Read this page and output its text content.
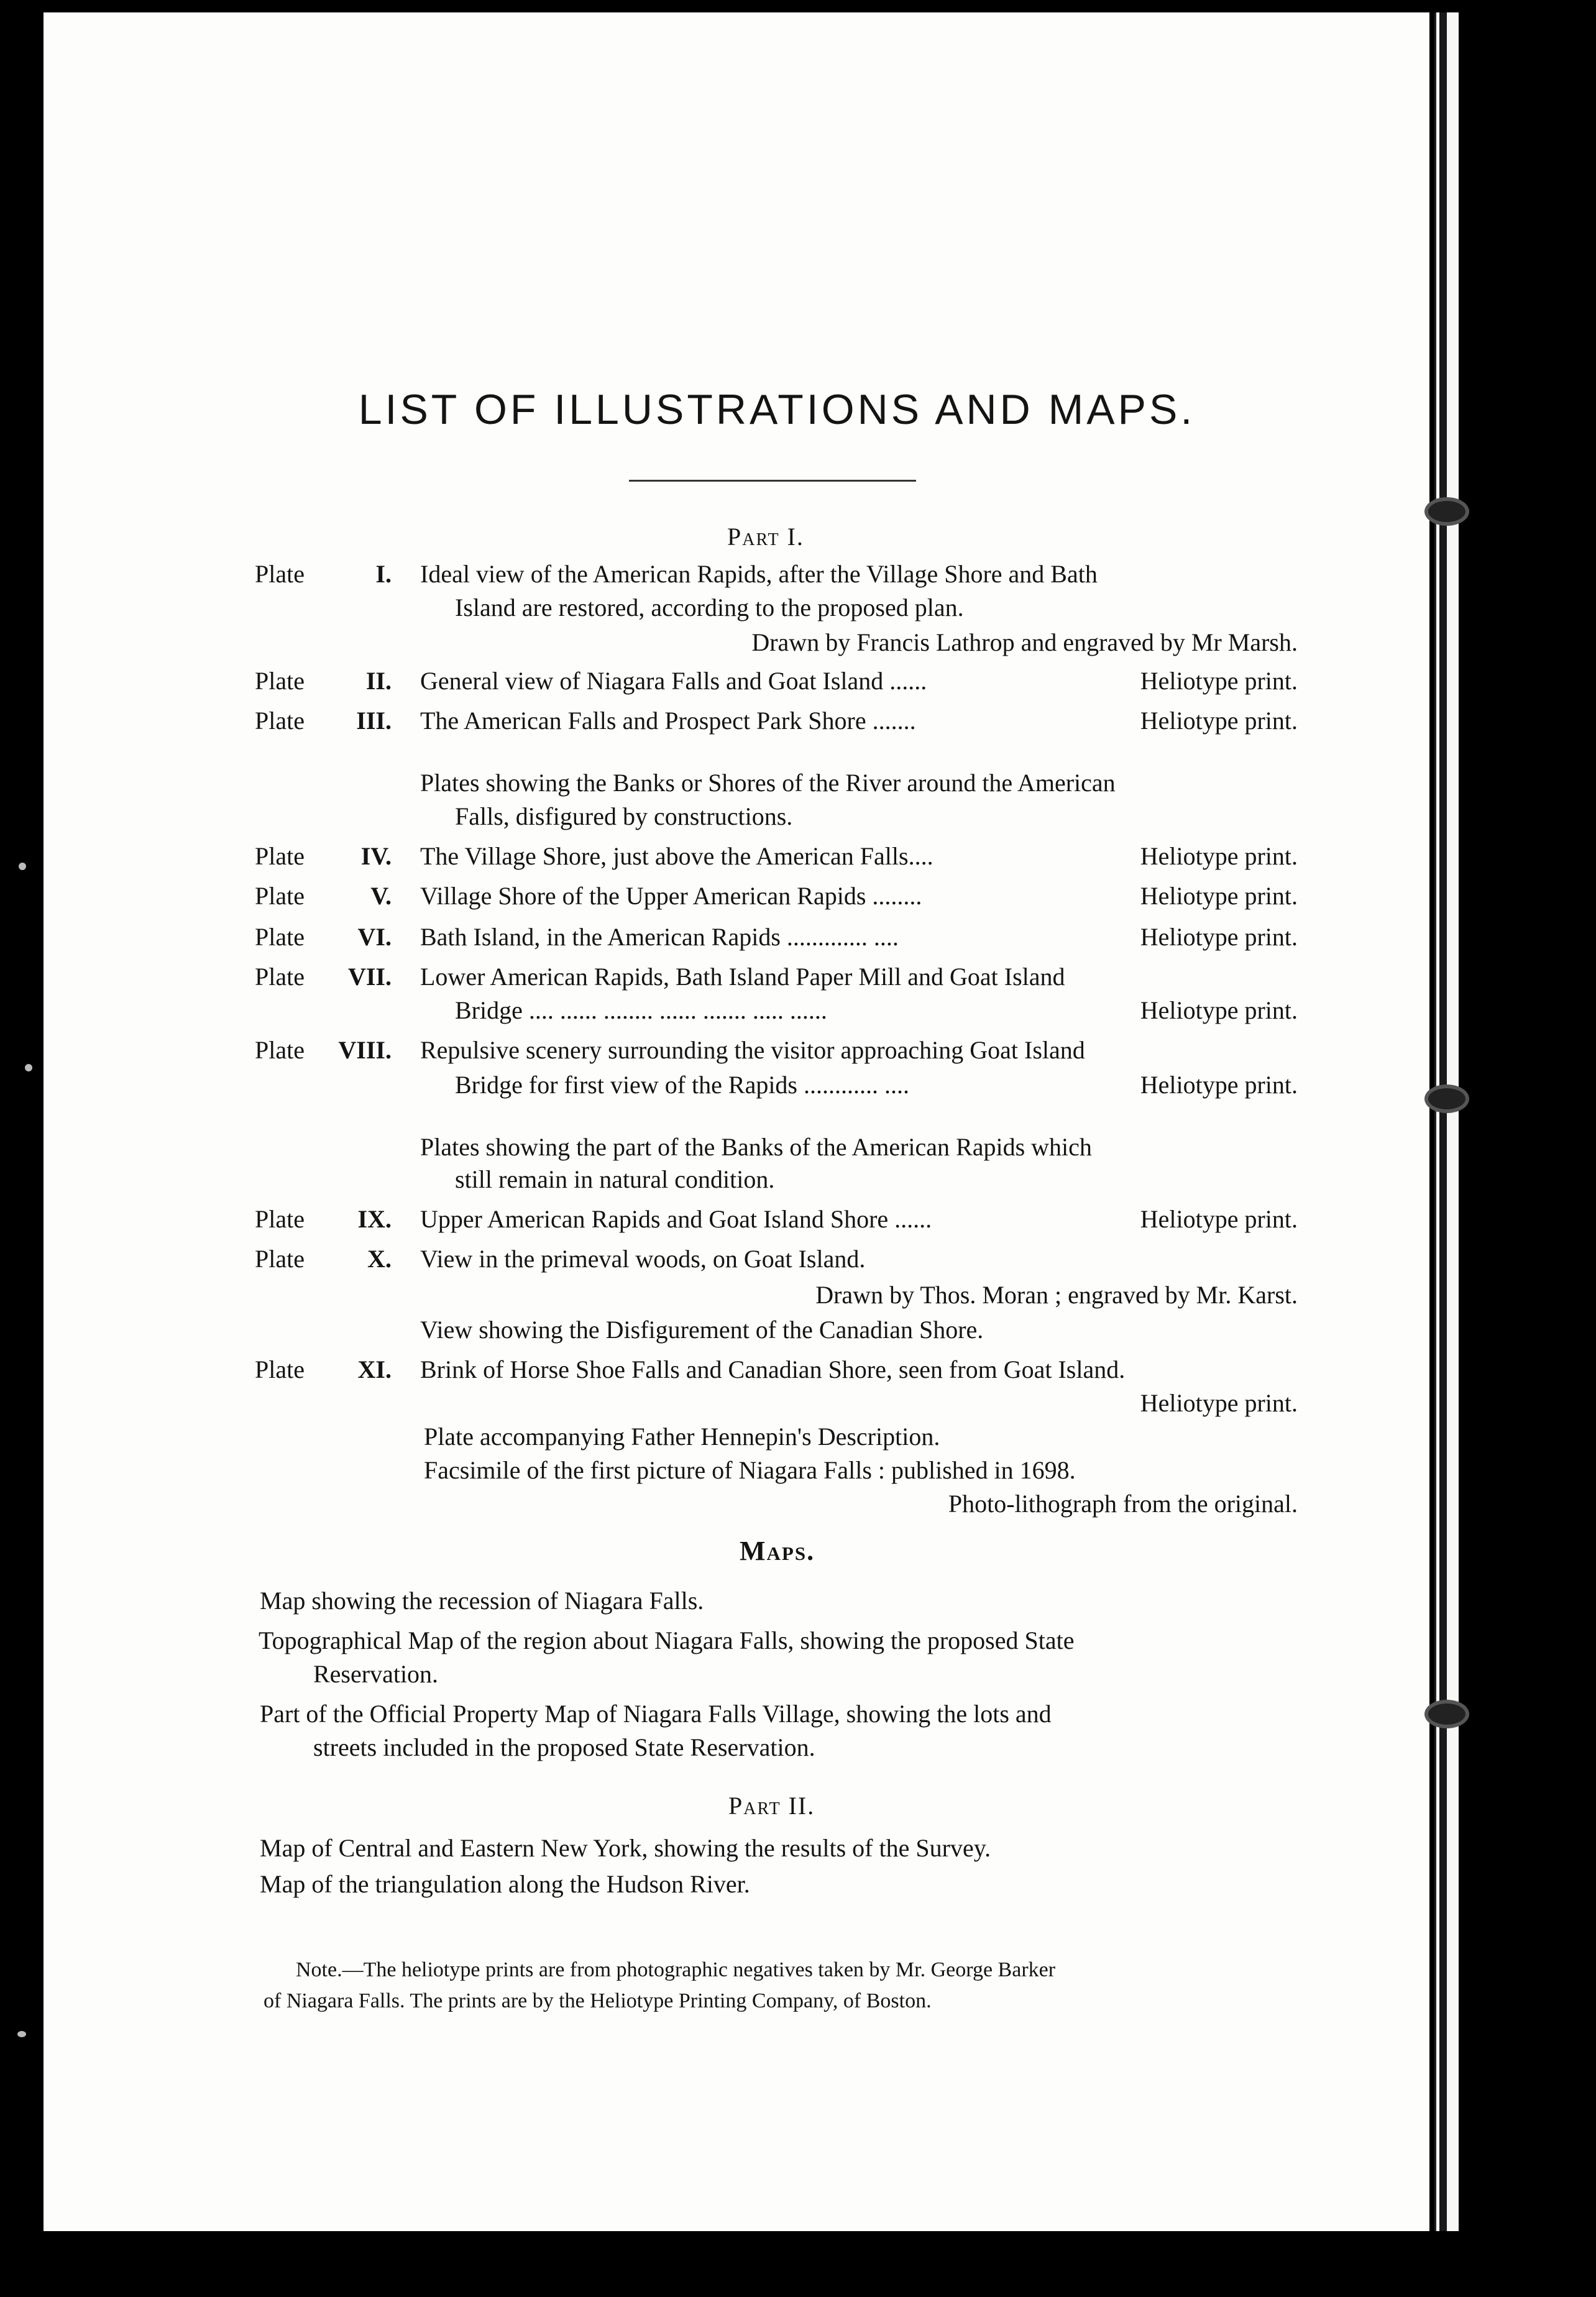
LIST OF ILLUSTRATIONS AND MAPS.
Part I.
Plate	I. Ideal view of the American Rapids, after the Village Shore and Bath
Island are restored, according to the proposed plan.
Drawn by Francis Lathrop and engraved by Mr Marsh.
Plate	II. General view of Niagara Falls and Goat Island ......	Heliotype print.
Plate	III. The American Falls and Prospect Park Shore .......	Heliotype print.
Plates showing the Banks or Shores of the River around the American
Falls, disfigured by constructions.
Plate	IV. The Village Shore, just above the American Falls....	Heliotype print.
Plate	V. Village Shore of the Upper American Rapids ........	Heliotype print.
Plate	VI. Bath Island, in the American Rapids ............. ....	Heliotype print.
Plate	VII. Lower American Rapids, Bath Island Paper Mill and Goat Island
Bridge .... ...... ........ ...... ....... ..... ......	Heliotype print.
Plate	VIII. Repulsive scenery surrounding the visitor approaching Goat Island
Bridge for first view of the Rapids ............ ....	Heliotype print.
Plates showing the part of the Banks of the American Rapids which
still remain in natural condition.
Plate	IX. Upper American Rapids and Goat Island Shore ......	Heliotype print.
Plate	X. View in the primeval woods, on Goat Island.
Drawn by Thos. Moran ; engraved by Mr. Karst.
View showing the Disfigurement of the Canadian Shore.
Plate	XI. Brink of Horse Shoe Falls and Canadian Shore, seen from Goat Island.
Heliotype print.
Plate accompanying Father Hennepin's Description.
Facsimile of the first picture of Niagara Falls : published in 1698.
Photo-lithograph from the original.
Maps.
Map showing the recession of Niagara Falls.
Topographical Map of the region about Niagara Falls, showing the proposed State
Reservation.
Part of the Official Property Map of Niagara Falls Village, showing the lots and
streets included in the proposed State Reservation.
Part II.
Map of Central and Eastern New York, showing the results of the Survey.
Map of the triangulation along the Hudson River.
Note.—The heliotype prints are from photographic negatives taken by Mr. George Barker
of Niagara Falls. The prints are by the Heliotype Printing Company, of Boston.
